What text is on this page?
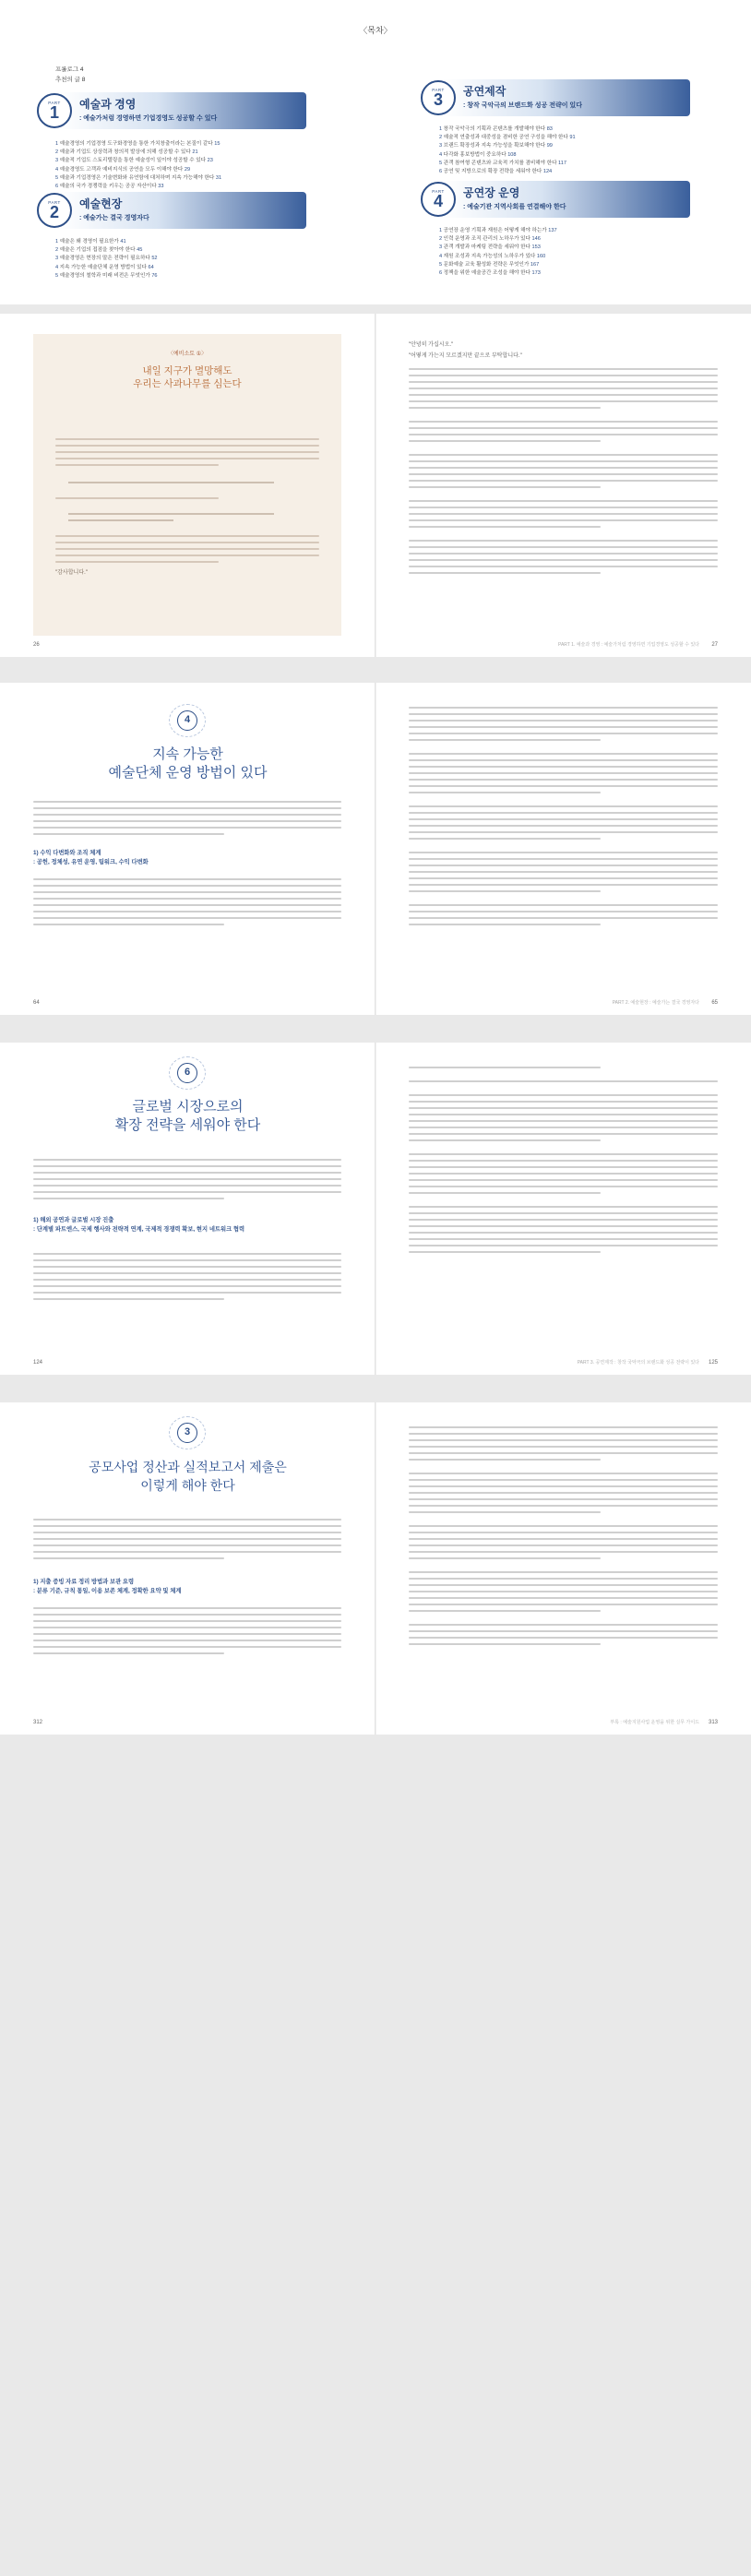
〈목차〉
프롤로그 4
추천의 글 8
PART
1 예술과 경영
: 예술가처럼 경영하면 기업경영도 성공할 수 있다
1 예술경영의 기업경영 도구화경영을 통한 가치창출이라는 본질이 같다 15
2 예술과 기업도 상상력과 창의적 발상에 의해 성공할 수 있다 21
3 예술적 기업도 스토리텔링을 통한 예술성이 일이야 성공할 수 있다 23
4 예술경영도 고객과 예비지식의 공연을 모두 이해야 한다 29
5 예술과 기업경영은 기술변화와 유연함에 대처하며 지속 가능해야 한다 31
6 예술의 국가 경쟁력을 키우는 공공 자산이다 33
PART
2 예술현장
: 예술가는 결국 경영자다
1 예술은 왜 경영이 필요한가 41
2 예술은 기업의 접점을 찾아야 한다 45
3 예술경영은 현장의 말은 전략이 필요하다 52
4 지속 가능한 예술단체 운영 방법이 있다 64
5 예술경영의 철학과 미래 비전은 무엇인가 76
PART
3 공연제작
: 창작 국악극의 브랜드화 성공 전략이 있다
1 창작 국악극의 기획과 콘텐츠를 개발해야 한다 83
2 예술적 연출성과 대중성을 겸비한 공연 구성을 해야 한다 91
3 브랜드 확장성과 지속 가능성을 확보해야 한다 99
4 다각화 홍보방법이 중요하다 108
5 관객 참여형 콘텐츠와 교육적 가치를 겸비해야 한다 117
6 공연 및 지방으로의 확장 전략을 세워야 한다 124
PART
4 공연장 운영
: 예술기관 지역사회를 연결해야 한다
1 공연장 운영 기획과 재원은 어떻게 해야 하는가 137
2 인력 운영과 조직 관리의 노하우가 있다 146
3 관객 개발과 마케팅 전략을 세워야 한다 153
4 재원 조성과 지속 가능성의 노하우가 있다 160
5 문화예술 교육 활성화 전략은 무엇인가 167
6 정책을 위한 예술공간 조성을 해야 한다 173
〈예비소토 ①〉
내일 지구가 멸망해도
우리는 사과나무를 심는다
"감사합니다."
26
"안녕히 가십시오."
"어떻게 가는지 모르겠지만 끝으로 부탁합니다."
PART 1. 예술과 경영 : 예술가처럼 경영하면 기업경영도 성공할 수 있다 27
4
지속 가능한
예술단체 운영 방법이 있다
1) 수익 다변화와 조직 체계
: 공헌, 정체성, 유연 운영, 팀워크, 수익 다변화
64	PART 2. 예술현장 : 예술가는 결국 경영자다 65
6
글로벌 시장으로의
확장 전략을 세워야 한다
1) 해외 공연과 글로벌 시장 진출
: 단계별 파트엔스, 국제 행사와 전략적 연계, 국제적 경쟁력 확보, 현지 네트워크 협력
124	PART 3. 공연제작 : 창작 국악극의 브랜드화 성공 전략이 있다 125
3
공모사업 정산과 실적보고서 제출은
이렇게 해야 한다
1) 지출 증빙 자료 정리 방법과 보관 요령
: 분류 기준, 규칙 통일, 이용 보존 체계, 정확한 요약 및 체계
312	부록 : 예술지원사업 운영을 위한 실무 가이드 313
